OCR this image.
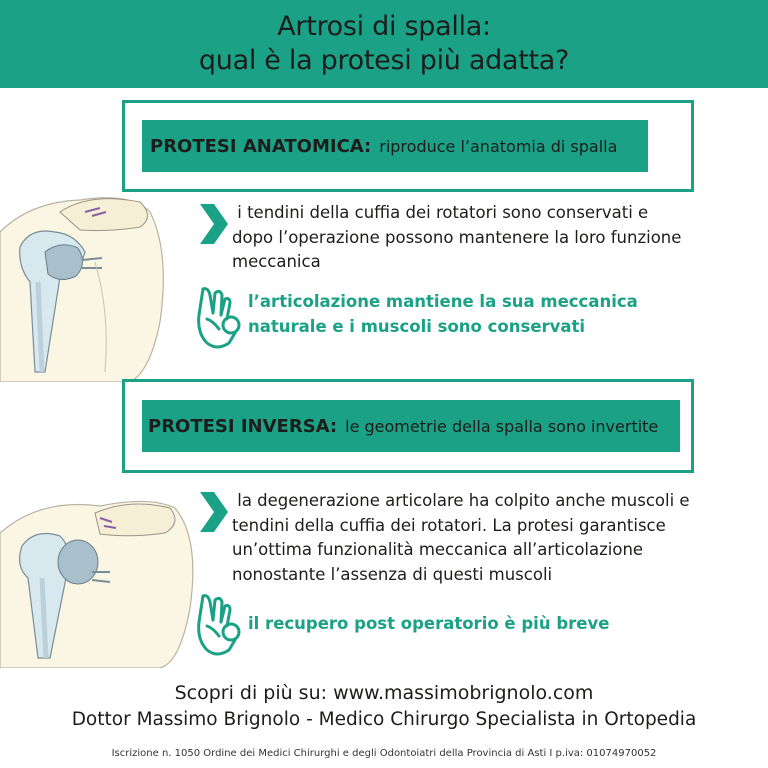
Artrosi di spalla:
qual è la protesi più adatta?
PROTESI ANATOMICA: riproduce l’anatomia di spalla
i tendini della cuffia dei rotatori sono conservati e
dopo l’operazione possono mantenere la loro funzione
meccanica
l’articolazione mantiene la sua meccanica
naturale e i muscoli sono conservati
PROTESI INVERSA: le geometrie della spalla sono invertite
la degenerazione articolare ha colpito anche muscoli e
tendini della cuffia dei rotatori. La protesi garantisce
un’ottima funzionalità meccanica all’articolazione
nonostante l’assenza di questi muscoli
il recupero post operatorio è più breve
Scopri di più su: www.massimobrignolo.com
Dottor Massimo Brignolo - Medico Chirurgo Specialista in Ortopedia
Iscrizione n. 1050 Ordine dei Medici Chirurghi e degli Odontoiatri della Provincia di Asti I p.iva: 01074970052
